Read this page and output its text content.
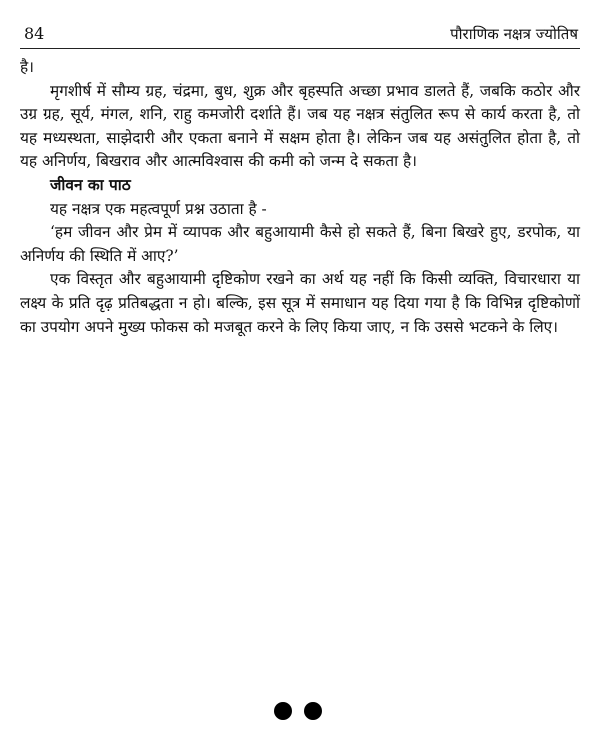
84	पौराणिक नक्षत्र ज्योतिष

है।

मृगशीर्ष में सौम्य ग्रह, चंद्रमा, बुध, शुक्र और बृहस्पति अच्छा प्रभाव डालते हैं, जबकि कठोर और उग्र ग्रह, सूर्य, मंगल, शनि, राहु कमजोरी दर्शाते हैं। जब यह नक्षत्र संतुलित रूप से कार्य करता है, तो यह मध्यस्थता, साझेदारी और एकता बनाने में सक्षम होता है। लेकिन जब यह असंतुलित होता है, तो यह अनिर्णय, बिखराव और आत्मविश्वास की कमी को जन्म दे सकता है।

जीवन का पाठ

यह नक्षत्र एक महत्वपूर्ण प्रश्न उठाता है -

‘हम जीवन और प्रेम में व्यापक और बहुआयामी कैसे हो सकते हैं, बिना बिखरे हुए, डरपोक, या अनिर्णय की स्थिति में आए?’

एक विस्तृत और बहुआयामी दृष्टिकोण रखने का अर्थ यह नहीं कि किसी व्यक्ति, विचारधारा या लक्ष्य के प्रति दृढ़ प्रतिबद्धता न हो। बल्कि, इस सूत्र में समाधान यह दिया गया है कि विभिन्न दृष्टिकोणों का उपयोग अपने मुख्य फोकस को मजबूत करने के लिए किया जाए, न कि उससे भटकने के लिए।
